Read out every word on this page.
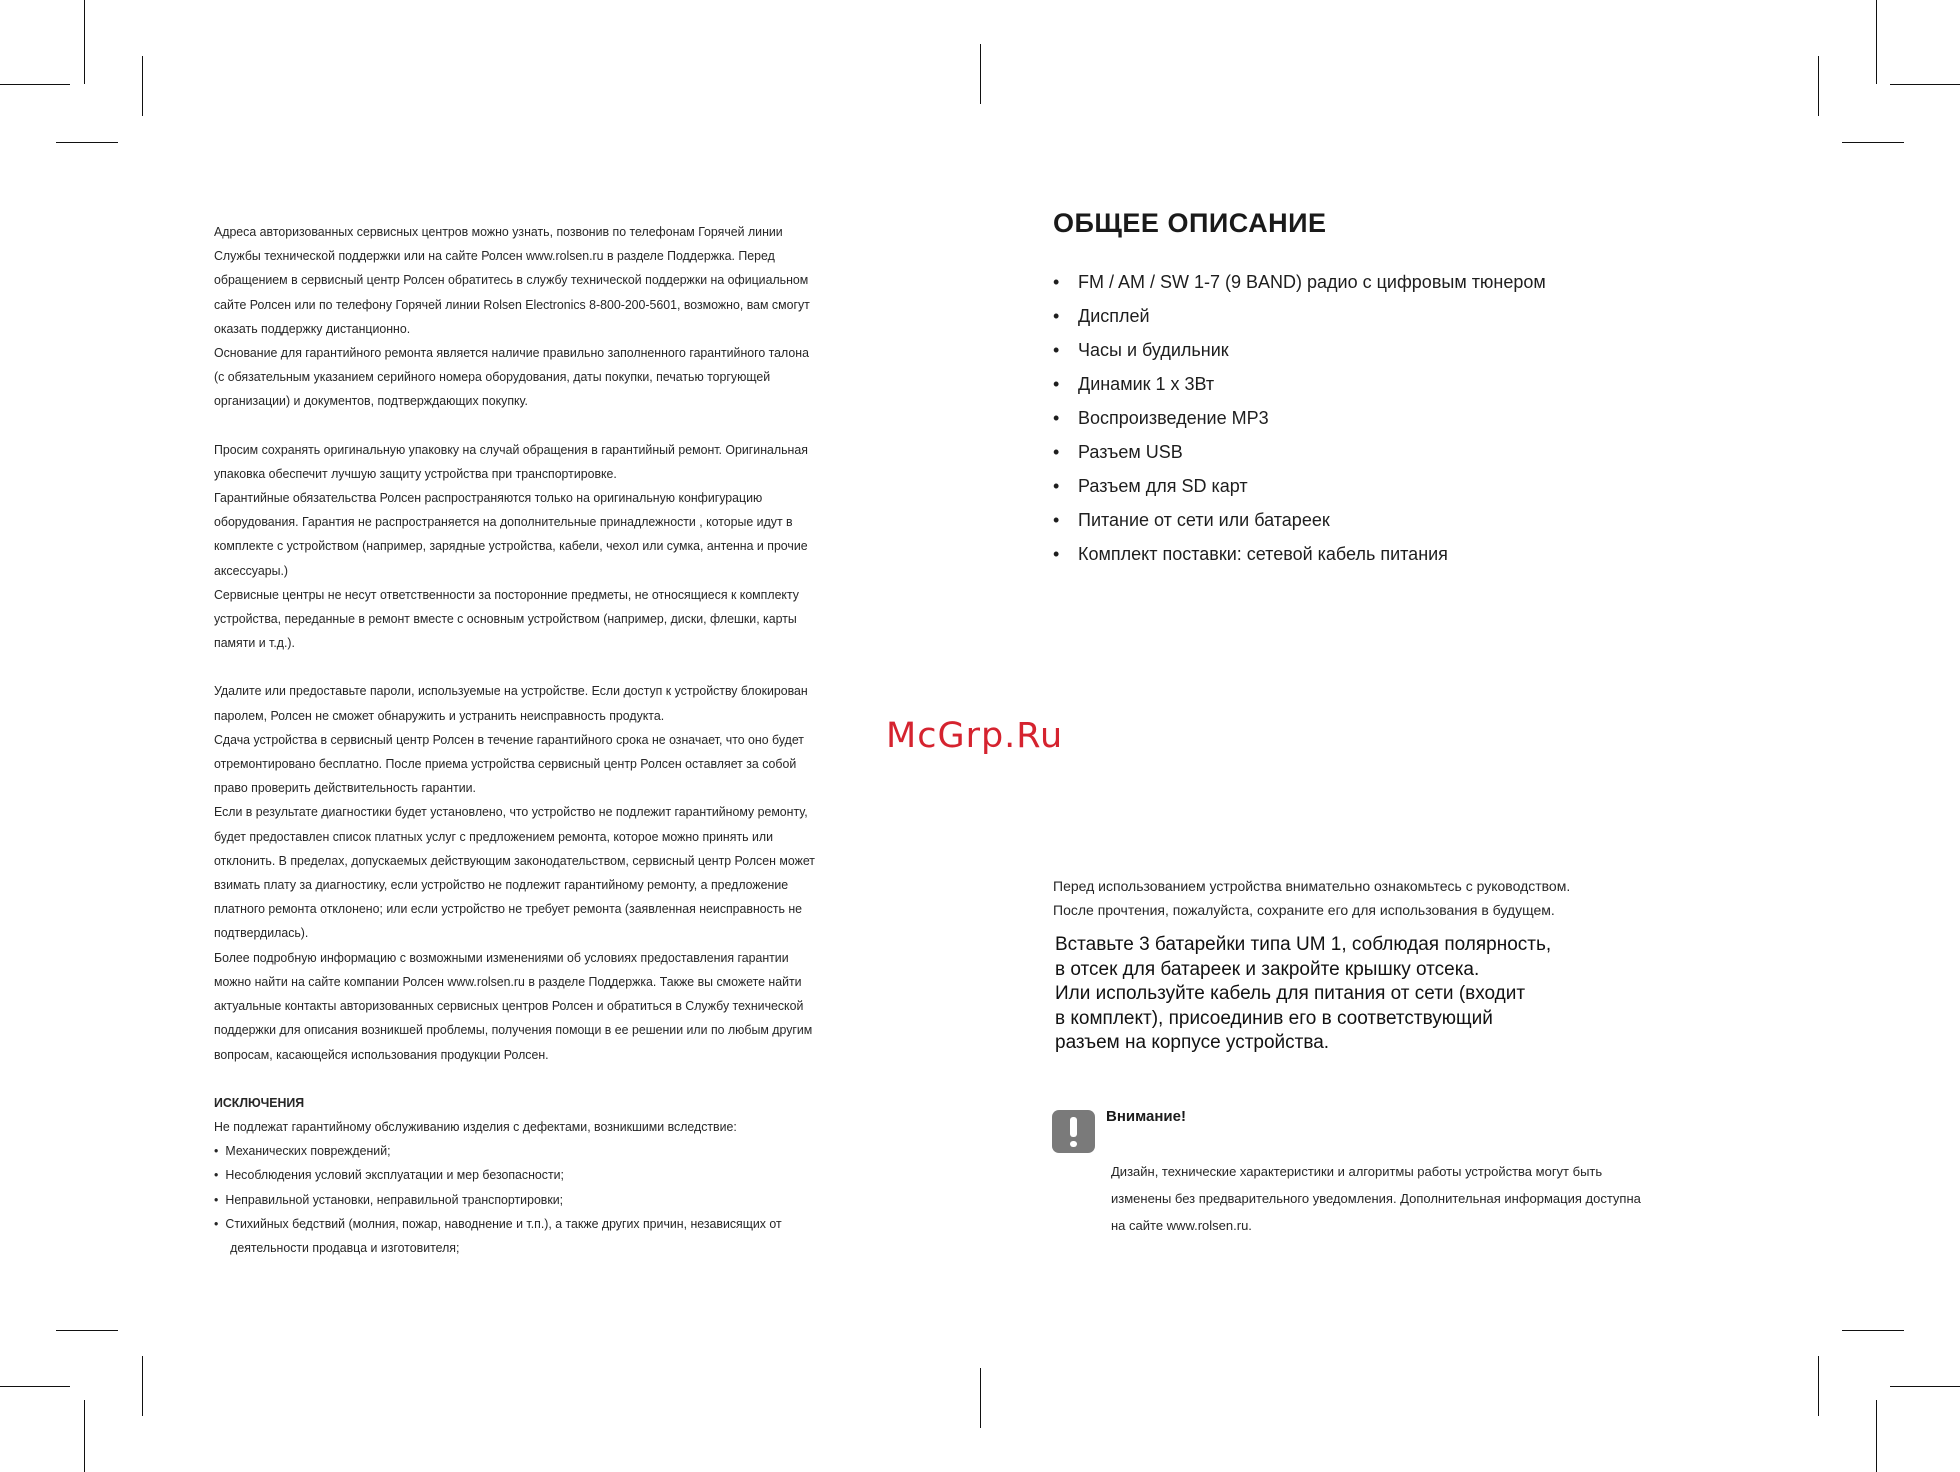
Адреса авторизованных сервисных центров можно узнать, позвонив по телефонам Горячей линии

Службы технической поддержки или на сайте Ролсен www.rolsen.ru в разделе Поддержка. Перед

обращением в сервисный центр Ролсен обратитесь в службу технической поддержки на официальном

сайте Ролсен или по телефону Горячей линии Rolsen Electronics 8-800-200-5601, возможно, вам смогут

оказать поддержку дистанционно.

Основание для гарантийного ремонта является наличие правильно заполненного гарантийного талона

(с обязательным указанием серийного номера оборудования, даты покупки, печатью торгующей

организации) и документов, подтверждающих покупку.

Просим сохранять оригинальную упаковку на случай обращения в гарантийный ремонт. Оригинальная

упаковка обеспечит лучшую защиту устройства при транспортировке.

Гарантийные обязательства Ролсен распространяются только на оригинальную конфигурацию

оборудования. Гарантия не распространяется на дополнительные принадлежности , которые идут в

комплекте с устройством (например, зарядные устройства, кабели, чехол или сумка, антенна и прочие

аксессуары.)

Сервисные центры не несут ответственности за посторонние предметы, не относящиеся к комплекту

устройства, переданные в ремонт вместе с основным устройством (например, диски, флешки, карты

памяти и т.д.).

Удалите или предоставьте пароли, используемые на устройстве. Если доступ к устройству блокирован

паролем, Ролсен не сможет обнаружить и устранить неисправность продукта.

Сдача устройства в сервисный центр Ролсен в течение гарантийного срока не означает, что оно будет

отремонтировано бесплатно. После приема устройства сервисный центр Ролсен оставляет за собой

право проверить действительность гарантии.

Если в результате диагностики будет установлено, что устройство не подлежит гарантийному ремонту,

будет предоставлен список платных услуг с предложением ремонта, которое можно принять или

отклонить. В пределах, допускаемых действующим законодательством, сервисный центр Ролсен может

взимать плату за диагностику, если устройство не подлежит гарантийному ремонту, а предложение

платного ремонта отклонено; или если устройство не требует ремонта (заявленная неисправность не

подтвердилась).

Более подробную информацию с возможными изменениями об условиях предоставления гарантии

можно найти на сайте компании Ролсен www.rolsen.ru в разделе Поддержка. Также вы сможете найти

актуальные контакты авторизованных сервисных центров Ролсен и обратиться в Службу технической

поддержки для описания возникшей проблемы, получения помощи в ее решении или по любым другим

вопросам, касающейся использования продукции Ролсен.

ИСКЛЮЧЕНИЯ

Не подлежат гарантийному обслуживанию изделия с дефектами, возникшими вследствие:

• Механических повреждений;
• Несоблюдения условий эксплуатации и мер безопасности;
• Неправильной установки, неправильной транспортировки;
• Стихийных бедствий (молния, пожар, наводнение и т.п.), а также других причин, независящих от

деятельности продавца и изготовителя;

ОБЩЕЕ ОПИСАНИЕ
• FM / AM / SW 1-7 (9 BAND) радио с цифровым тюнером
• Дисплей
• Часы и будильник
• Динамик 1 х 3Вт
• Воспроизведение MP3
• Разъем USB
• Разъем для SD карт
• Питание от сети или батареек
• Комплект поставки: сетевой кабель питания
McGrp.Ru

Перед использованием устройства внимательно ознакомьтесь с руководством.

После прочтения, пожалуйста, сохраните его для использования в будущем.

Вставьте 3 батарейки типа UM 1, соблюдая полярность,

в отсек для батареек и закройте крышку отсека.

Или используйте кабель для питания от сети (входит

в комплект), присоединив его в соответствующий

разъем на корпусе устройства.

Внимание!

Дизайн, технические характеристики и алгоритмы работы устройства могут быть

изменены без предварительного уведомления. Дополнительная информация доступна

на сайте www.rolsen.ru.
